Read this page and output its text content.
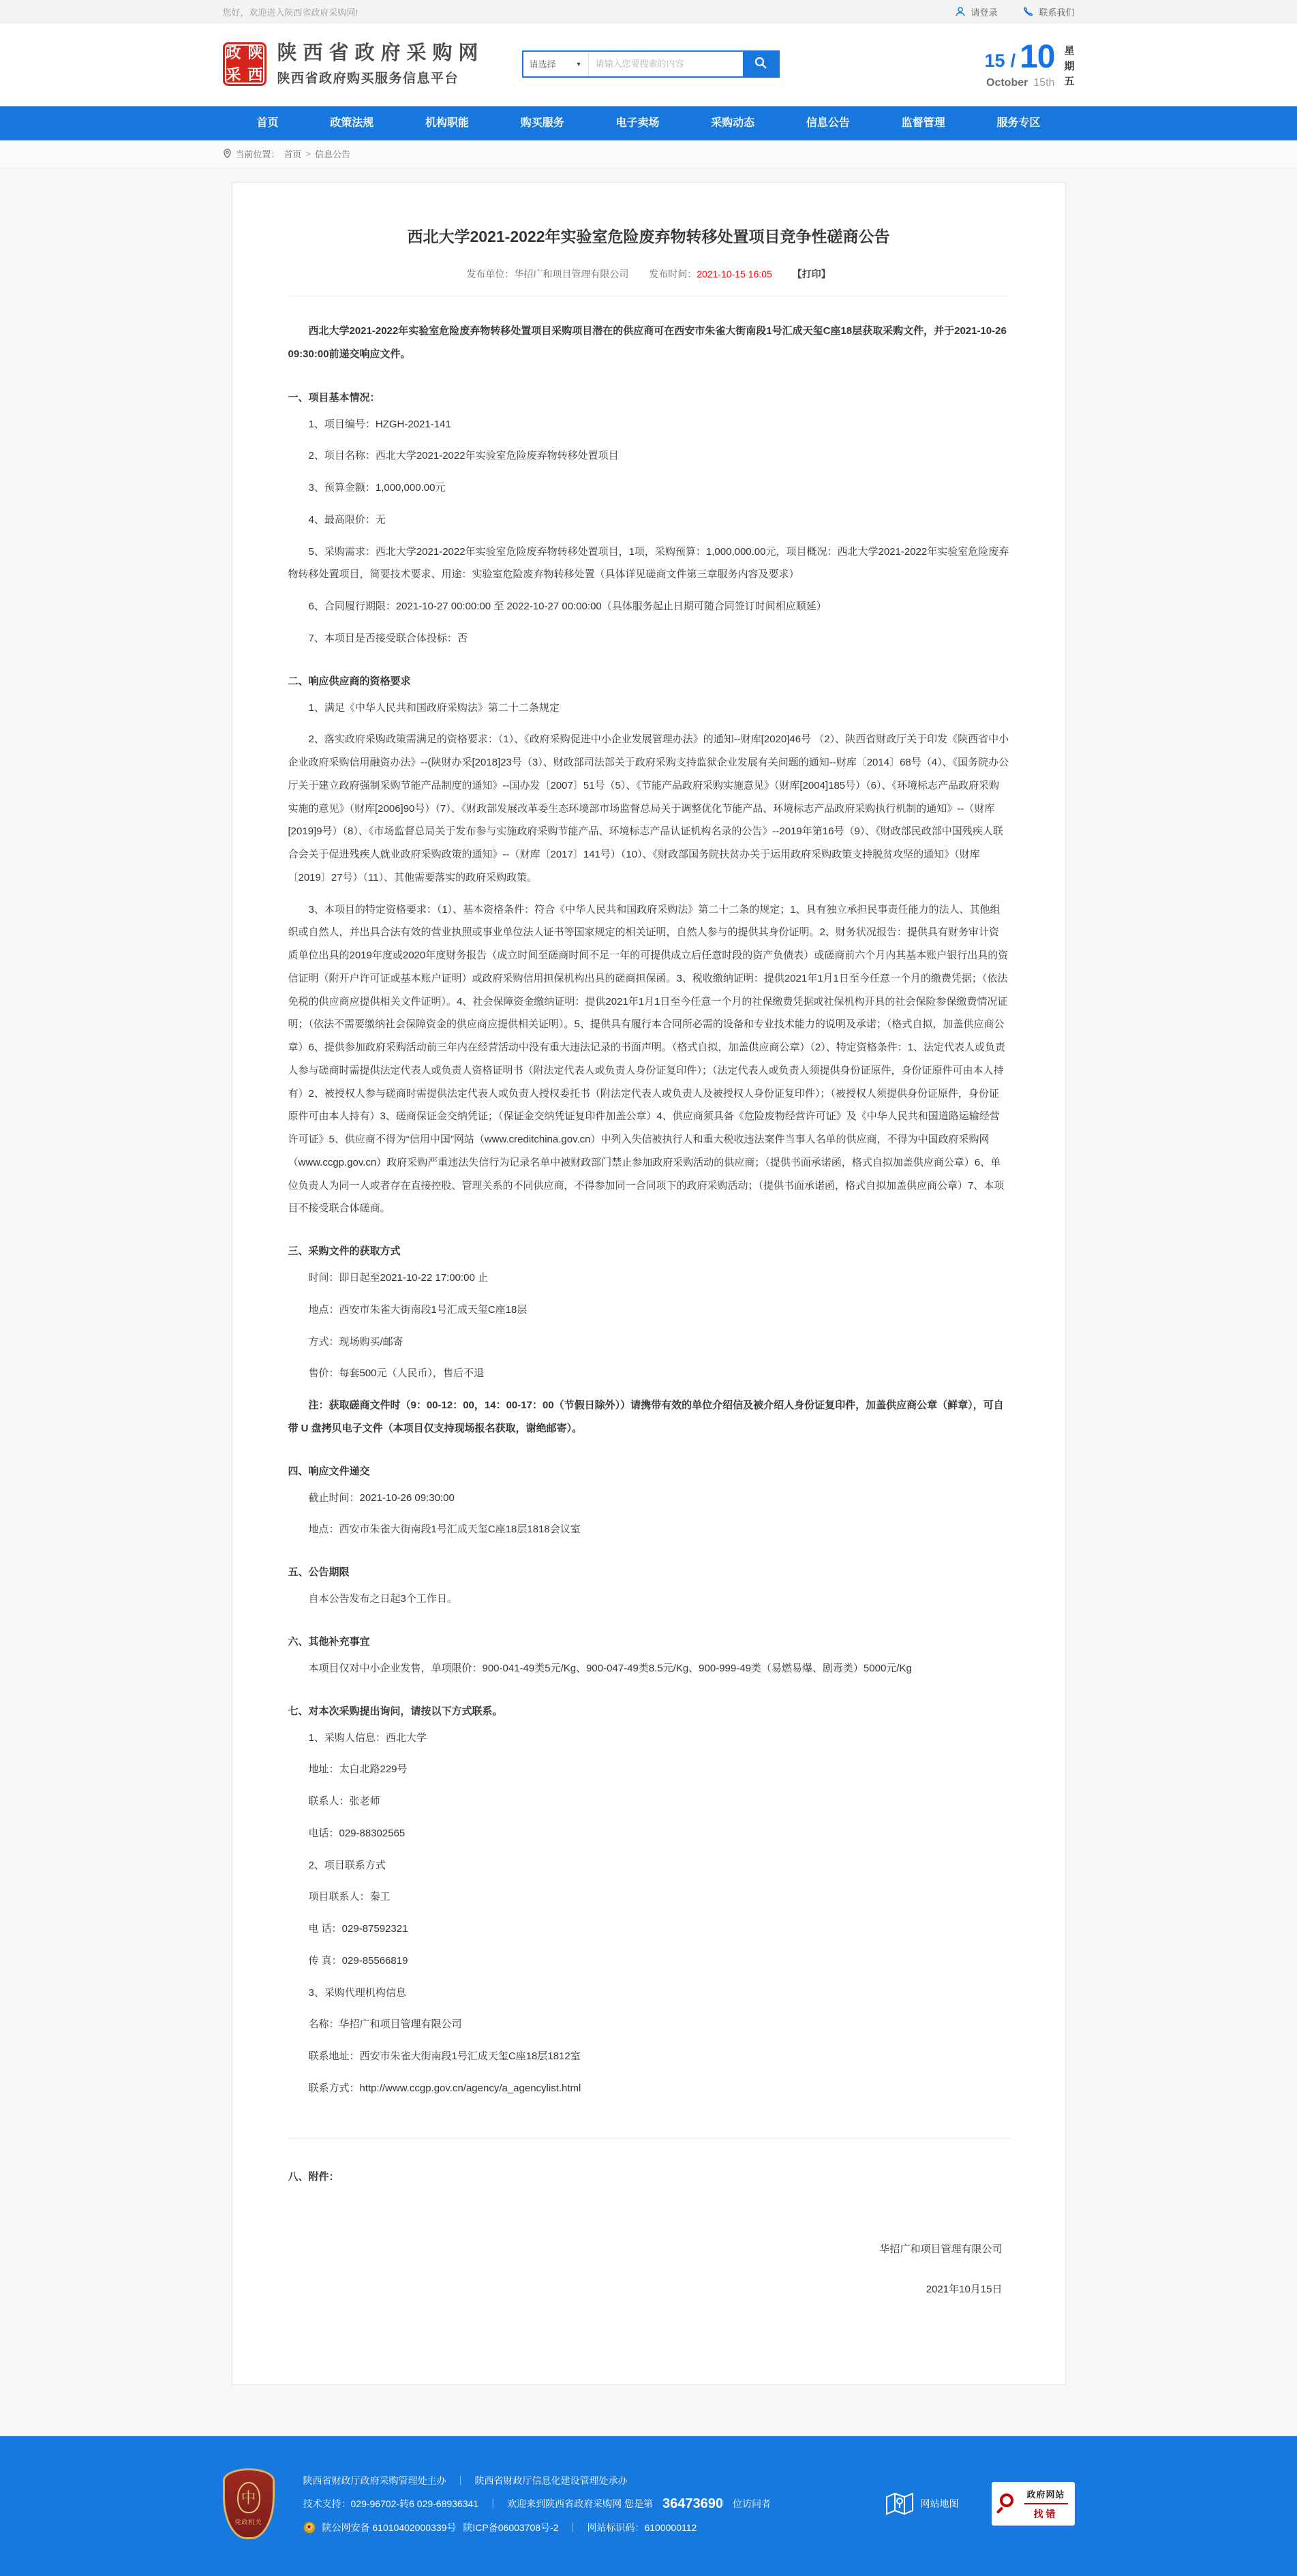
您好，欢迎进入陕西省政府采购网!	请登录	联系我们
政 陕
采 西
陕西省政府采购网
陕西省政府购买服务信息平台
请选择	▼
请输入您要搜索的内容	15 / 10
October 15th
星
期
五
首页	政策法规	机构职能	购买服务	电子卖场	采购动态	信息公告	监督管理	服务专区
当前位置： 首页 > 信息公告
西北大学2021-2022年实验室危险废弃物转移处置项目竞争性磋商公告
发布单位：华招广和项目管理有限公司 发布时间：2021-10-15 16:05 【打印】

西北大学2021-2022年实验室危险废弃物转移处置项目采购项目潜在的供应商可在西安市朱雀大街南段1号汇成天玺C座18层获取采购文件，并于2021-10-26 09:30:00前递交响应文件。

一、项目基本情况：

1、项目编号：HZGH-2021-141

2、项目名称：西北大学2021-2022年实验室危险废弃物转移处置项目

3、预算金额：1,000,000.00元

4、最高限价：无

5、采购需求：西北大学2021-2022年实验室危险废弃物转移处置项目，1项，采购预算：1,000,000.00元，项目概况：西北大学2021-2022年实验室危险废弃物转移处置项目，简要技术要求、用途：实验室危险废弃物转移处置（具体详见磋商文件第三章服务内容及要求）

6、合同履行期限：2021-10-27 00:00:00 至 2022-10-27 00:00:00（具体服务起止日期可随合同签订时间相应顺延）

7、本项目是否接受联合体投标：否

二、响应供应商的资格要求

1、满足《中华人民共和国政府采购法》第二十二条规定

2、落实政府采购政策需满足的资格要求：（1）、《政府采购促进中小企业发展管理办法》的通知--财库[2020]46号 （2）、陕西省财政厅关于印发《陕西省中小企业政府采购信用融资办法》--(陕财办采[2018]23号（3）、财政部司法部关于政府采购支持监狱企业发展有关问题的通知--财库〔2014〕68号（4）、《国务院办公厅关于建立政府强制采购节能产品制度的通知》--国办发〔2007〕51号（5）、《节能产品政府采购实施意见》（财库[2004]185号）（6）、《环境标志产品政府采购实施的意见》（财库[2006]90号）（7）、《财政部发展改革委生态环境部市场监督总局关于调整优化节能产品、环境标志产品政府采购执行机制的通知》--（财库[2019]9号）（8）、《市场监督总局关于发布参与实施政府采购节能产品、环境标志产品认证机构名录的公告》--2019年第16号（9）、《财政部民政部中国残疾人联合会关于促进残疾人就业政府采购政策的通知》--（财库〔2017〕141号）（10）、《财政部国务院扶贫办关于运用政府采购政策支持脱贫攻坚的通知》（财库〔2019〕27号）（11）、其他需要落实的政府采购政策。

3、本项目的特定资格要求：（1）、基本资格条件：符合《中华人民共和国政府采购法》第二十二条的规定；1、具有独立承担民事责任能力的法人、其他组织或自然人，并出具合法有效的营业执照或事业单位法人证书等国家规定的相关证明，自然人参与的提供其身份证明。2、财务状况报告：提供具有财务审计资质单位出具的2019年度或2020年度财务报告（成立时间至磋商时间不足一年的可提供成立后任意时段的资产负债表）或磋商前六个月内其基本账户银行出具的资信证明（附开户许可证或基本账户证明）或政府采购信用担保机构出具的磋商担保函。3、税收缴纳证明：提供2021年1月1日至今任意一个月的缴费凭据；（依法免税的供应商应提供相关文件证明）。4、社会保障资金缴纳证明：提供2021年1月1日至今任意一个月的社保缴费凭据或社保机构开具的社会保险参保缴费情况证明；（依法不需要缴纳社会保障资金的供应商应提供相关证明）。5、提供具有履行本合同所必需的设备和专业技术能力的说明及承诺；（格式自拟，加盖供应商公章）6、提供参加政府采购活动前三年内在经营活动中没有重大违法记录的书面声明。（格式自拟，加盖供应商公章）（2）、特定资格条件：1、法定代表人或负责人参与磋商时需提供法定代表人或负责人资格证明书（附法定代表人或负责人身份证复印件）；（法定代表人或负责人须提供身份证原件，身份证原件可由本人持有）2、被授权人参与磋商时需提供法定代表人或负责人授权委托书（附法定代表人或负责人及被授权人身份证复印件）；（被授权人须提供身份证原件，身份证原件可由本人持有）3、磋商保证金交纳凭证；（保证金交纳凭证复印件加盖公章）4、供应商须具备《危险废物经营许可证》及《中华人民共和国道路运输经营许可证》5、供应商不得为“信用中国”网站（www.creditchina.gov.cn）中列入失信被执行人和重大税收违法案件当事人名单的供应商，不得为中国政府采购网（www.ccgp.gov.cn）政府采购严重违法失信行为记录名单中被财政部门禁止参加政府采购活动的供应商；（提供书面承诺函，格式自拟加盖供应商公章）6、单位负责人为同一人或者存在直接控股、管理关系的不同供应商，不得参加同一合同项下的政府采购活动；（提供书面承诺函，格式自拟加盖供应商公章）7、本项目不接受联合体磋商。

三、采购文件的获取方式

时间：即日起至2021-10-22 17:00:00 止

地点：西安市朱雀大街南段1号汇成天玺C座18层

方式：现场购买/邮寄

售价：每套500元（人民币），售后不退

注：获取磋商文件时（9：00-12：00，14：00-17：00（节假日除外））请携带有效的单位介绍信及被介绍人身份证复印件，加盖供应商公章（鲜章），可自带 U 盘拷贝电子文件（本项目仅支持现场报名获取，谢绝邮寄）。

四、响应文件递交

截止时间：2021-10-26 09:30:00

地点：西安市朱雀大街南段1号汇成天玺C座18层1818会议室

五、公告期限

自本公告发布之日起3个工作日。

六、其他补充事宜

本项目仅对中小企业发售，单项限价：900-041-49类5元/Kg、900-047-49类8.5元/Kg、900-999-49类（易燃易爆、剧毒类）5000元/Kg

七、对本次采购提出询问，请按以下方式联系。

1、采购人信息：西北大学

地址：太白北路229号

联系人：张老师

电话：029-88302565

2、项目联系方式

项目联系人：秦工

电 话：029-87592321

传 真：029-85566819

3、采购代理机构信息

名称：华招广和项目管理有限公司

联系地址：西安市朱雀大街南段1号汇成天玺C座18层1812室

联系方式：http://www.ccgp.gov.cn/agency/a_agencylist.html

八、附件：
华招广和项目管理有限公司
2021年10月15日
中
党政机关
陕西省财政厅政府采购管理处主办 ｜ 陕西省财政厅信息化建设管理处承办
技术支持：029-96702-转6 029-68936341 ｜ 欢迎来到陕西省政府采购网 您是第 36473690 位访问者
★	陕公网安备 61010402000339号 陕ICP备06003708号-2 ｜ 网站标识码：6100000112
网站地图
政府网站
找错
